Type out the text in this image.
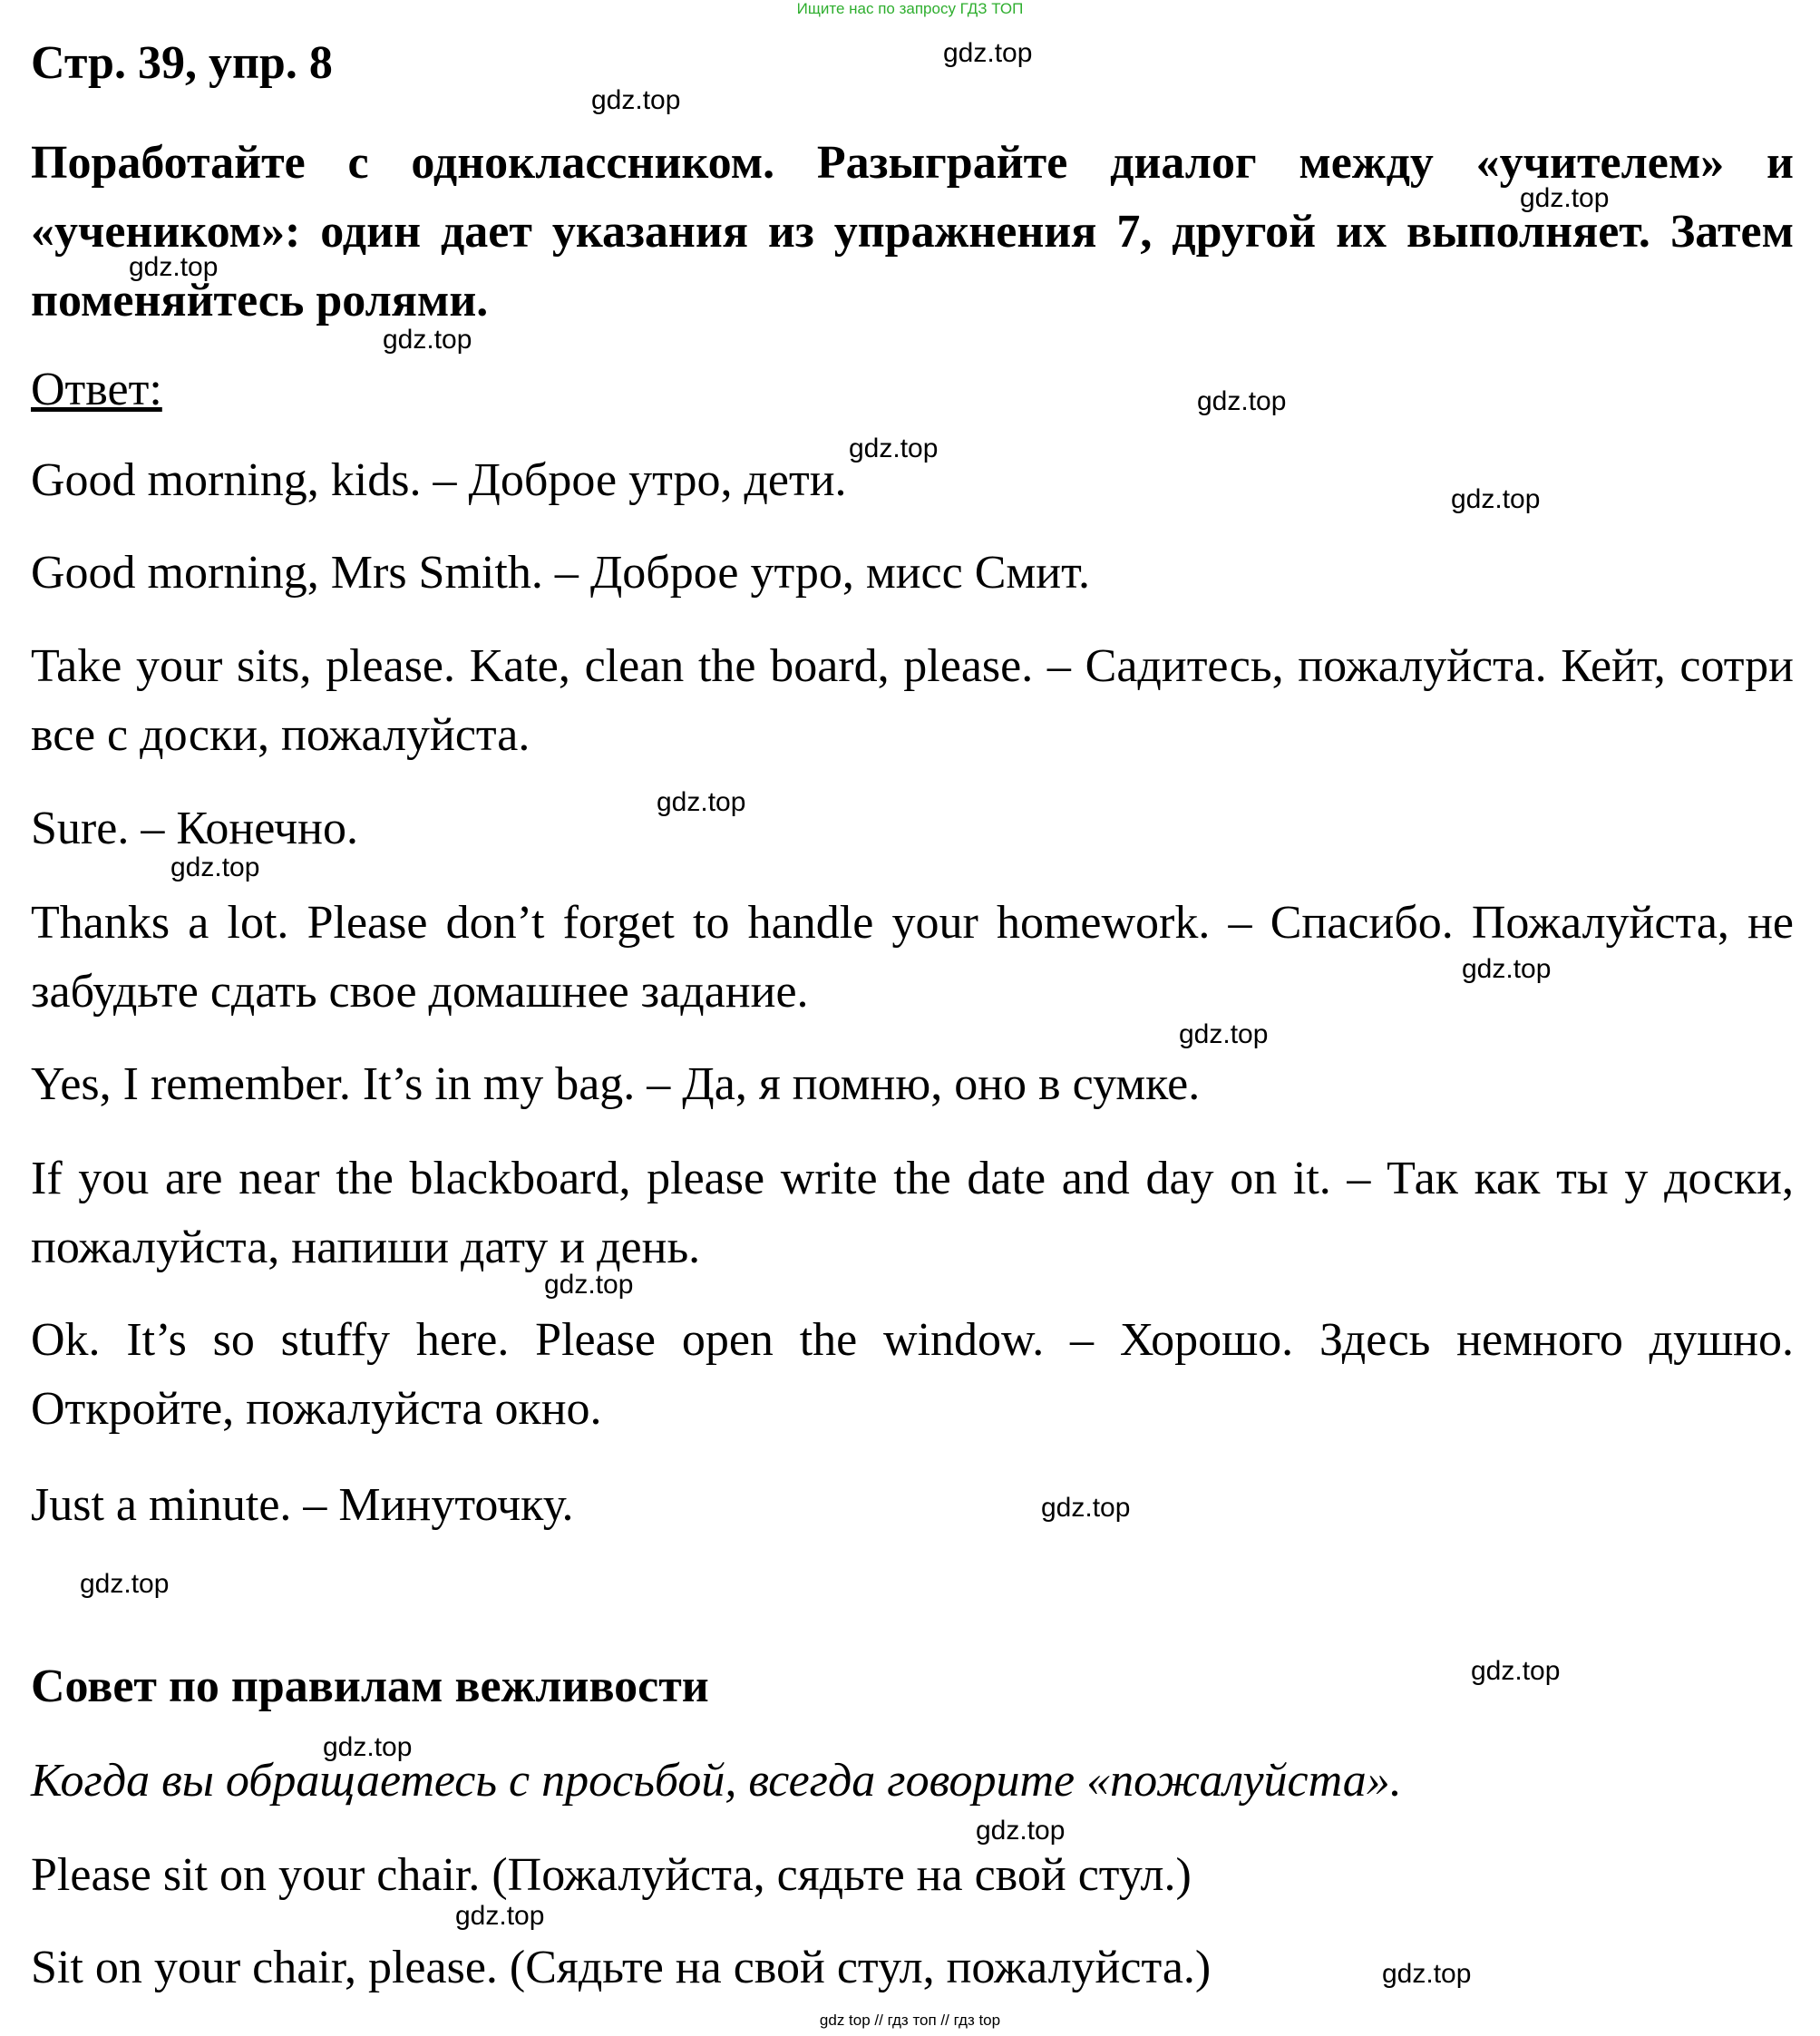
Ищите нас по запросу ГДЗ ТОП
Стр. 39, упр. 8
Поработайте с одноклассником. Разыграйте диалог между «учителем» и «учеником»: один дает указания из упражнения 7, другой их выполняет. Затем поменяйтесь ролями.
Ответ:
Good morning, kids. – Доброе утро, дети.
Good morning, Mrs Smith. – Доброе утро, мисс Смит.
Take your sits, please. Kate, clean the board, please. – Садитесь, пожалуйста. Кейт, сотри все с доски, пожалуйста.
Sure. – Конечно.
Thanks a lot. Please don’t forget to handle your homework. – Спасибо. Пожалуйста, не забудьте сдать свое домашнее задание.
Yes, I remember. It’s in my bag. – Да, я помню, оно в сумке.
If you are near the blackboard, please write the date and day on it. – Так как ты у доски, пожалуйста, напиши дату и день.
Ok. It’s so stuffy here. Please open the window. – Хорошо. Здесь немного душно. Откройте, пожалуйста окно.
Just a minute. – Минуточку.
Совет по правилам вежливости
Когда вы обращаетесь с просьбой, всегда говорите «пожалуйста».
Please sit on your chair. (Пожалуйста, сядьте на свой стул.)
Sit on your chair, please. (Сядьте на свой стул, пожалуйста.)
gdz.top
gdz.top
gdz.top
gdz.top
gdz.top
gdz.top
gdz.top
gdz.top
gdz.top
gdz.top
gdz.top
gdz.top
gdz.top
gdz.top
gdz.top
gdz.top
gdz.top
gdz.top
gdz.top
gdz.top
gdz top // гдз топ // гдз top
